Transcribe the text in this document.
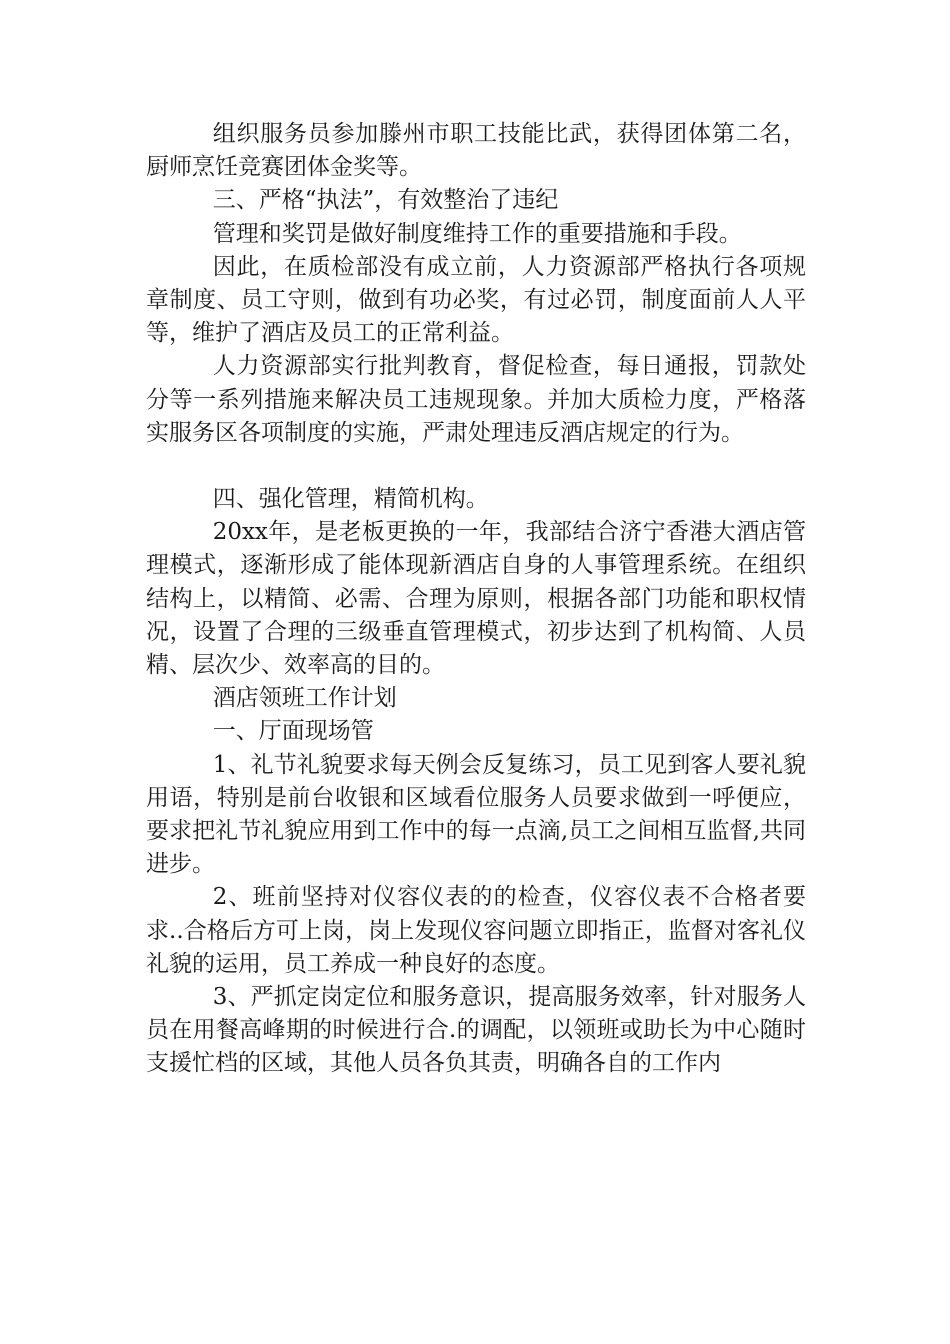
组织服务员参加滕州市职工技能比武，获得团体第二名，厨师烹饪竞赛团体金奖等。

三、严格“执法”，有效整治了违纪

管理和奖罚是做好制度维持工作的重要措施和手段。

因此，在质检部没有成立前，人力资源部严格执行各项规章制度、员工守则，做到有功必奖，有过必罚，制度面前人人平等，维护了酒店及员工的正常利益。

人力资源部实行批判教育，督促检查，每日通报，罚款处分等一系列措施来解决员工违规现象。并加大质检力度，严格落实服务区各项制度的实施，严肃处理违反酒店规定的行为。

四、强化管理，精简机构。

20xx年，是老板更换的一年，我部结合济宁香港大酒店管理模式，逐渐形成了能体现新酒店自身的人事管理系统。在组织结构上，以精简、必需、合理为原则，根据各部门功能和职权情况，设置了合理的三级垂直管理模式，初步达到了机构简、人员精、层次少、效率高的目的。

酒店领班工作计划

一、厅面现场管

1、礼节礼貌要求每天例会反复练习，员工见到客人要礼貌用语，特别是前台收银和区域看位服务人员要求做到一呼便应，要求把礼节礼貌应用到工作中的每一点滴,员工之间相互监督,共同进步。

2、班前坚持对仪容仪表的的检查，仪容仪表不合格者要求..合格后方可上岗，岗上发现仪容问题立即指正，监督对客礼仪礼貌的运用，员工养成一种良好的态度。

3、严抓定岗定位和服务意识，提高服务效率，针对服务人员在用餐高峰期的时候进行合.的调配，以领班或助长为中心随时支援忙档的区域，其他人员各负其责，明确各自的工作内
